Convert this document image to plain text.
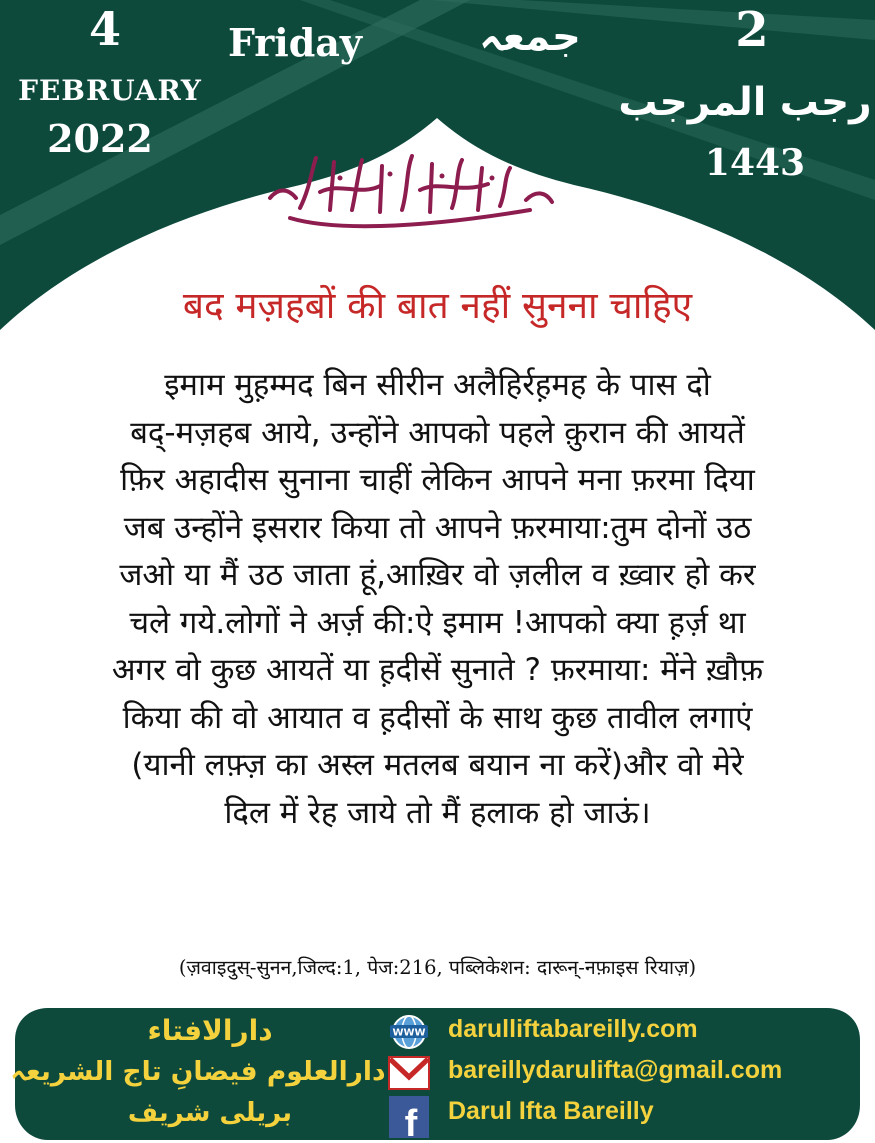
4
FEBRUARY
2022
Friday	جمعہ	2
رجب المرجب
1443
बद मज़हबों की बात नहीं सुनना चाहिए
इमाम मुह़म्मद बिन सीरीन अलैहिर्रह़मह के पास दो
बद्-मज़हब आये, उन्होंने आपको पहले क़ुरान की आयतें
फ़िर अहादीस सुनाना चाहीं लेकिन आपने मना फ़रमा दिया
जब उन्होंने इसरार किया तो आपने फ़रमाया:तुम दोनों उठ
जओ या मैं उठ जाता हूं,आख़िर वो ज़लील व ख़्वार हो कर
चले गये.लोगों ने अर्ज़ की:ऐ इमाम !आपको क्या ह़र्ज़ था
अगर वो कुछ आयतें या ह़दीसें सुनाते ? फ़रमाया: मेंने ख़ौफ़
किया की वो आयात व ह़दीसों के साथ कुछ तावील लगाएं
(यानी लफ़्ज़ का अस्ल मतलब बयान ना करें)और वो मेरे
दिल में रेह जाये तो मैं हलाक हो जाऊं।
(ज़वाइदुस्-सुनन,जिल्द:1, पेज:216, पब्लिकेशन: दारून्-नफ़ाइस रियाज़)
دارالافتاء
دارالعلوم فیضانِ تاج الشریعہ
بریلی شریف
WWW
f
darulliftabareilly.com
bareillydarulifta@gmail.com
Darul Ifta Bareilly
